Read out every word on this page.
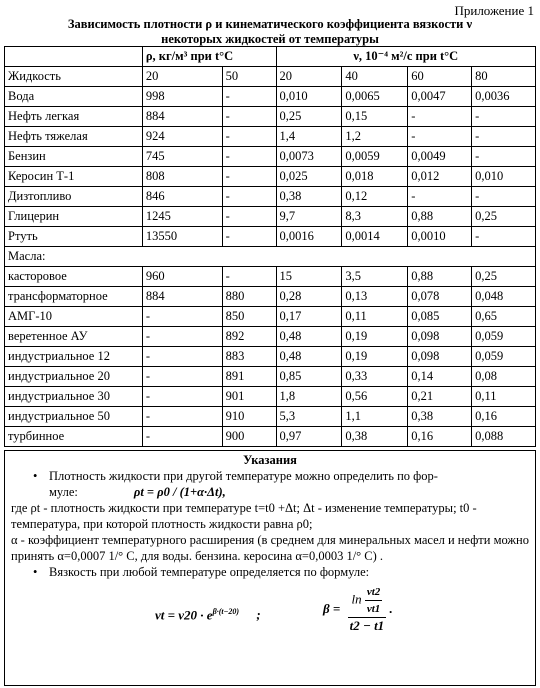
Приложение 1
Зависимость плотности ρ и кинематического коэффициента вязкости ν
некоторых жидкостей от температуры
	ρ, кг/м³ при t°C		ν, 10⁻⁴ м²/с при t°C			
Жидкость	20	50	20	40	60	80
Вода	998	-	0,010	0,0065	0,0047	0,0036
Нефть легкая	884	-	0,25	0,15	-	-
Нефть тяжелая	924	-	1,4	1,2	-	-
Бензин	745	-	0,0073	0,0059	0,0049	-
Керосин Т-1	808	-	0,025	0,018	0,012	0,010
Дизтопливо	846	-	0,38	0,12	-	-
Глицерин	1245	-	9,7	8,3	0,88	0,25
Ртуть	13550	-	0,0016	0,0014	0,0010	-
Масла:						
касторовое	960	-	15	3,5	0,88	0,25
трансформаторное	884	880	0,28	0,13	0,078	0,048
АМГ-10	-	850	0,17	0,11	0,085	0,65
веретенное АУ	-	892	0,48	0,19	0,098	0,059
индустриальное 12	-	883	0,48	0,19	0,098	0,059
индустриальное 20	-	891	0,85	0,33	0,14	0,08
индустриальное 30	-	901	1,8	0,56	0,21	0,11
индустриальное 50	-	910	5,3	1,1	0,38	0,16
турбинное	-	900	0,97	0,38	0,16	0,088
Указания
• Плотность жидкости при другой температуре можно определить по фор-
муле:	ρt = ρ0 / (1+α·Δt),
где ρt - плотность жидкости при температуре t=t0 +Δt; Δt - изменение температуры; t0 - температура, при которой плотность жидкости равна ρ0;
α - коэффициент температурного расширения (в среднем для минеральных масел и нефти можно принять α=0,0007 1/° С, для воды. бензина. керосина α=0,0003 1/° С) .
• Вязкость при любой температуре определяется по формуле:
$\nu t = \nu 20 \cdot e^{\beta\cdot(t-20)}$ ;	$\beta = \frac{\ln \frac{\nu t2}{\nu t1}}{t2 - t1}$ .
